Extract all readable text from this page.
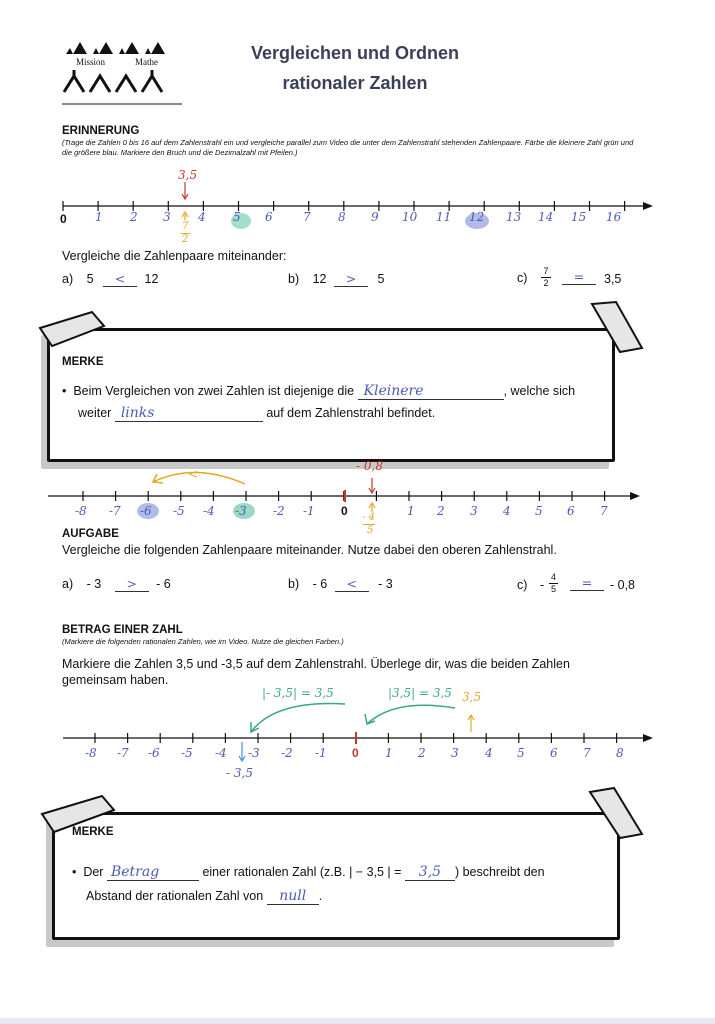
Mission	Mathe	Vergleichen und Ordnen
rationaler Zahlen
ERINNERUNG
(Trage die Zahlen 0 bis 16 auf dem Zahlenstrahl ein und vergleiche parallel zum Video die unter dem Zahlenstrahl stehenden Zahlenpaare. Färbe die kleinere Zahl grün und die größere blau. Markiere den Bruch und die Dezimalzahl mit Pfeilen.)
0 1 2 3 4 5 6	7 8 9 10 11 12 13 14 15 16
3,5
7
2
Vergleiche die Zahlenpaare miteinander:
a) 5 < 12	b) 12 > 5	$c) \frac{7}{2}$	=	3,5
MERKE
•  Beim Vergleichen von zwei Zahlen ist diejenige die Kleinere	, welche sich
weiter links	auf dem Zahlenstrahl befindet.
- 0,8
<
-8 -7 -6 -5 -4 -3 -2 -1 0	1 2 3 4 5 6 7
- 4
5
AUFGABE
Vergleiche die folgenden Zahlenpaare miteinander. Nutze dabei den oberen Zahlenstrahl.
a) - 3 > - 6	b) - 6 < - 3	$c) - \frac{4}{5}$	=	- 0,8
BETRAG EINER ZAHL
(Markiere die folgenden rationalen Zahlen, wie im Video. Nutze die gleichen Farben.)
Markiere die Zahlen 3,5 und -3,5 auf dem Zahlenstrahl. Überlege dir, was die beiden Zahlen gemeinsam haben.
|- 3,5| = 3,5	|3,5| = 3,5 3,5
-8 -7 -6 -5 -4 -3 -2 -1 0 1 2 3 4 5 6 7 8
- 3,5
MERKE
•  Der Betrag	einer rationalen Zahl (z.B. | − 3,5 | = 3,5 ) beschreibt den
Abstand der rationalen Zahl von null .
